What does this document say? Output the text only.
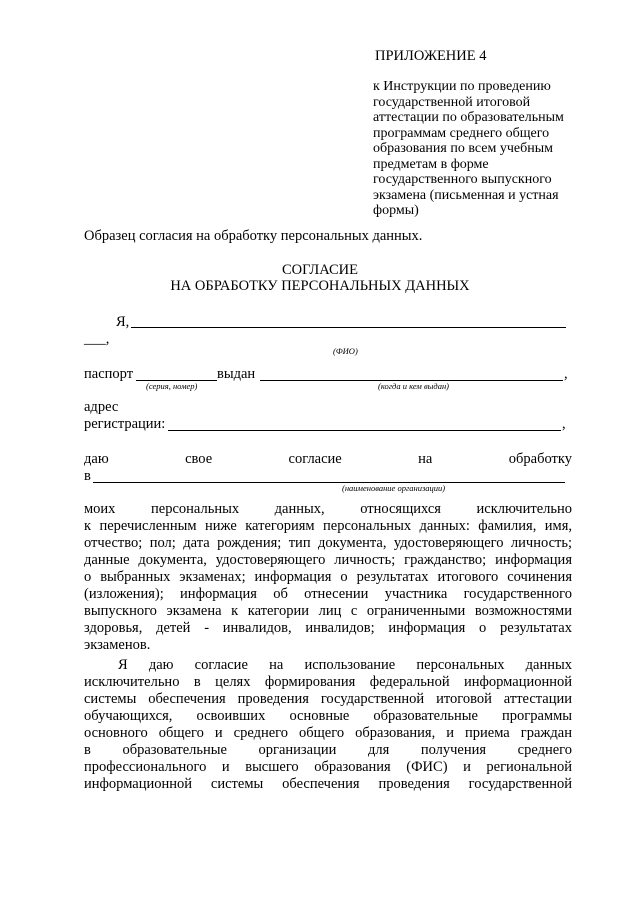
ПРИЛОЖЕНИЕ 4
к Инструкции по проведению
государственной итоговой
аттестации по образовательным
программам среднего общего
образования по всем учебным
предметам в форме
государственного выпускного
экзамена (письменная и устная
формы)
Образец согласия на обработку персональных данных.
СОГЛАСИЕ
НА ОБРАБОТКУ ПЕРСОНАЛЬНЫХ ДАННЫХ
Я,
___,
(ФИО)
паспорт	выдан	,
(серия, номер)	(когда и кем выдан)
адрес
регистрации:	,
даю	свое	согласие	на	обработку
в
(наименование организации)
моих персональных данных, относящихся исключительно
к перечисленным ниже категориям персональных данных: фамилия, имя,
отчество; пол; дата рождения; тип документа, удостоверяющего личность;
данные документа, удостоверяющего личность; гражданство; информация
о выбранных экзаменах; информация о результатах итогового сочинения
(изложения); информация об отнесении участника государственного
выпускного экзамена к категории лиц с ограниченными возможностями
здоровья, детей - инвалидов, инвалидов; информация о результатах
экзаменов.
Я даю согласие на использование персональных данных
исключительно в целях формирования федеральной информационной
системы обеспечения проведения государственной итоговой аттестации
обучающихся, освоивших основные образовательные программы
основного общего и среднего общего образования, и приема граждан
в образовательные организации для получения среднего
профессионального и высшего образования (ФИС) и региональной
информационной системы обеспечения проведения государственной
